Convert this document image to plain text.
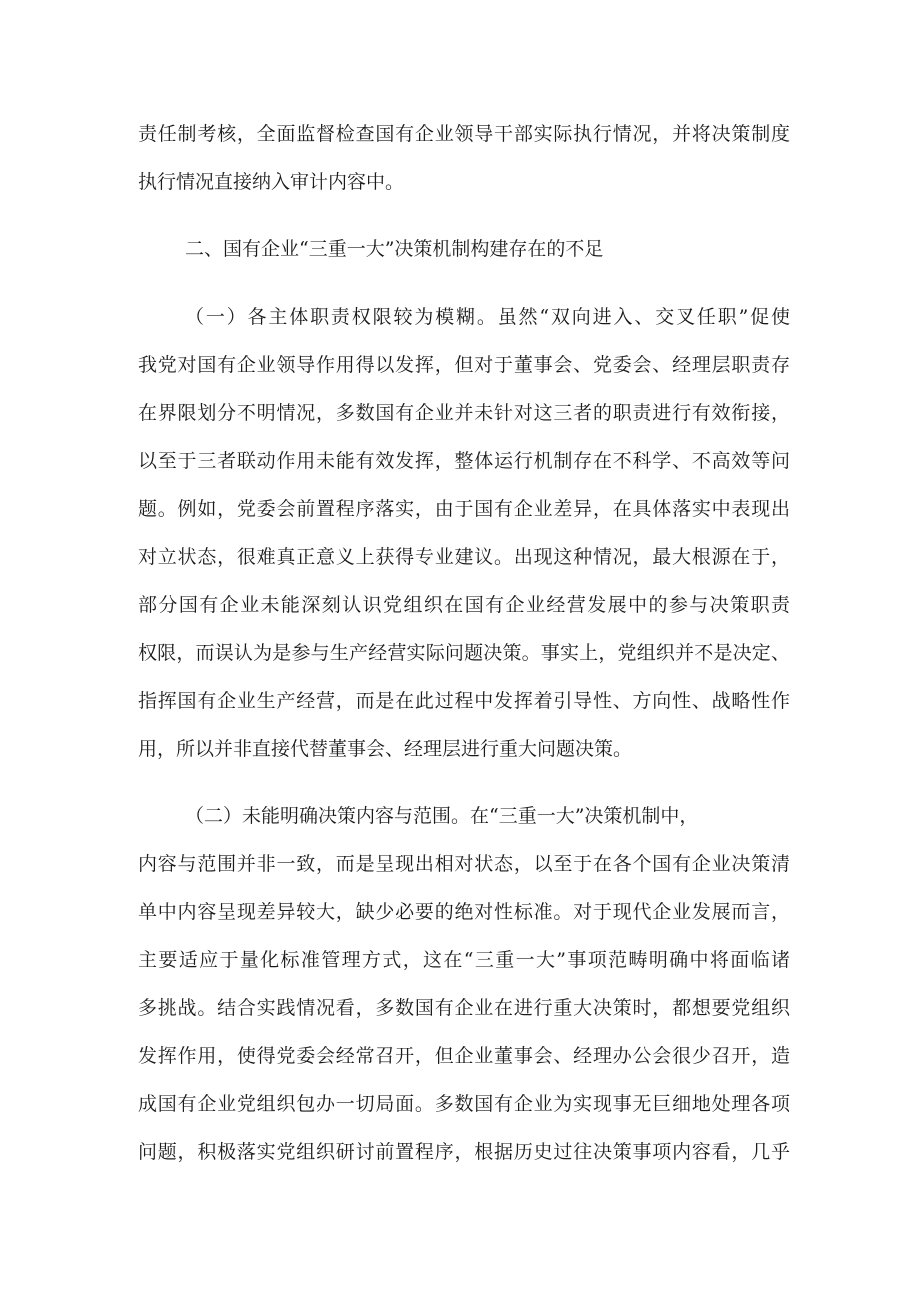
责任制考核，全面监督检查国有企业领导干部实际执行情况，并将决策制度
执行情况直接纳入审计内容中。
二、国有企业“三重一大”决策机制构建存在的不足
（一）各主体职责权限较为模糊。虽然“双向进入、交叉任职”促使
我党对国有企业领导作用得以发挥，但对于董事会、党委会、经理层职责存
在界限划分不明情况，多数国有企业并未针对这三者的职责进行有效衔接，
以至于三者联动作用未能有效发挥，整体运行机制存在不科学、不高效等问
题。例如，党委会前置程序落实，由于国有企业差异，在具体落实中表现出
对立状态，很难真正意义上获得专业建议。出现这种情况，最大根源在于，
部分国有企业未能深刻认识党组织在国有企业经营发展中的参与决策职责
权限，而误认为是参与生产经营实际问题决策。事实上，党组织并不是决定、
指挥国有企业生产经营，而是在此过程中发挥着引导性、方向性、战略性作
用，所以并非直接代替董事会、经理层进行重大问题决策。
（二）未能明确决策内容与范围。在“三重一大”决策机制中，
内容与范围并非一致，而是呈现出相对状态，以至于在各个国有企业决策清
单中内容呈现差异较大，缺少必要的绝对性标准。对于现代企业发展而言，
主要适应于量化标准管理方式，这在“三重一大”事项范畴明确中将面临诸
多挑战。结合实践情况看，多数国有企业在进行重大决策时，都想要党组织
发挥作用，使得党委会经常召开，但企业董事会、经理办公会很少召开，造
成国有企业党组织包办一切局面。多数国有企业为实现事无巨细地处理各项
问题，积极落实党组织研讨前置程序，根据历史过往决策事项内容看，几乎
